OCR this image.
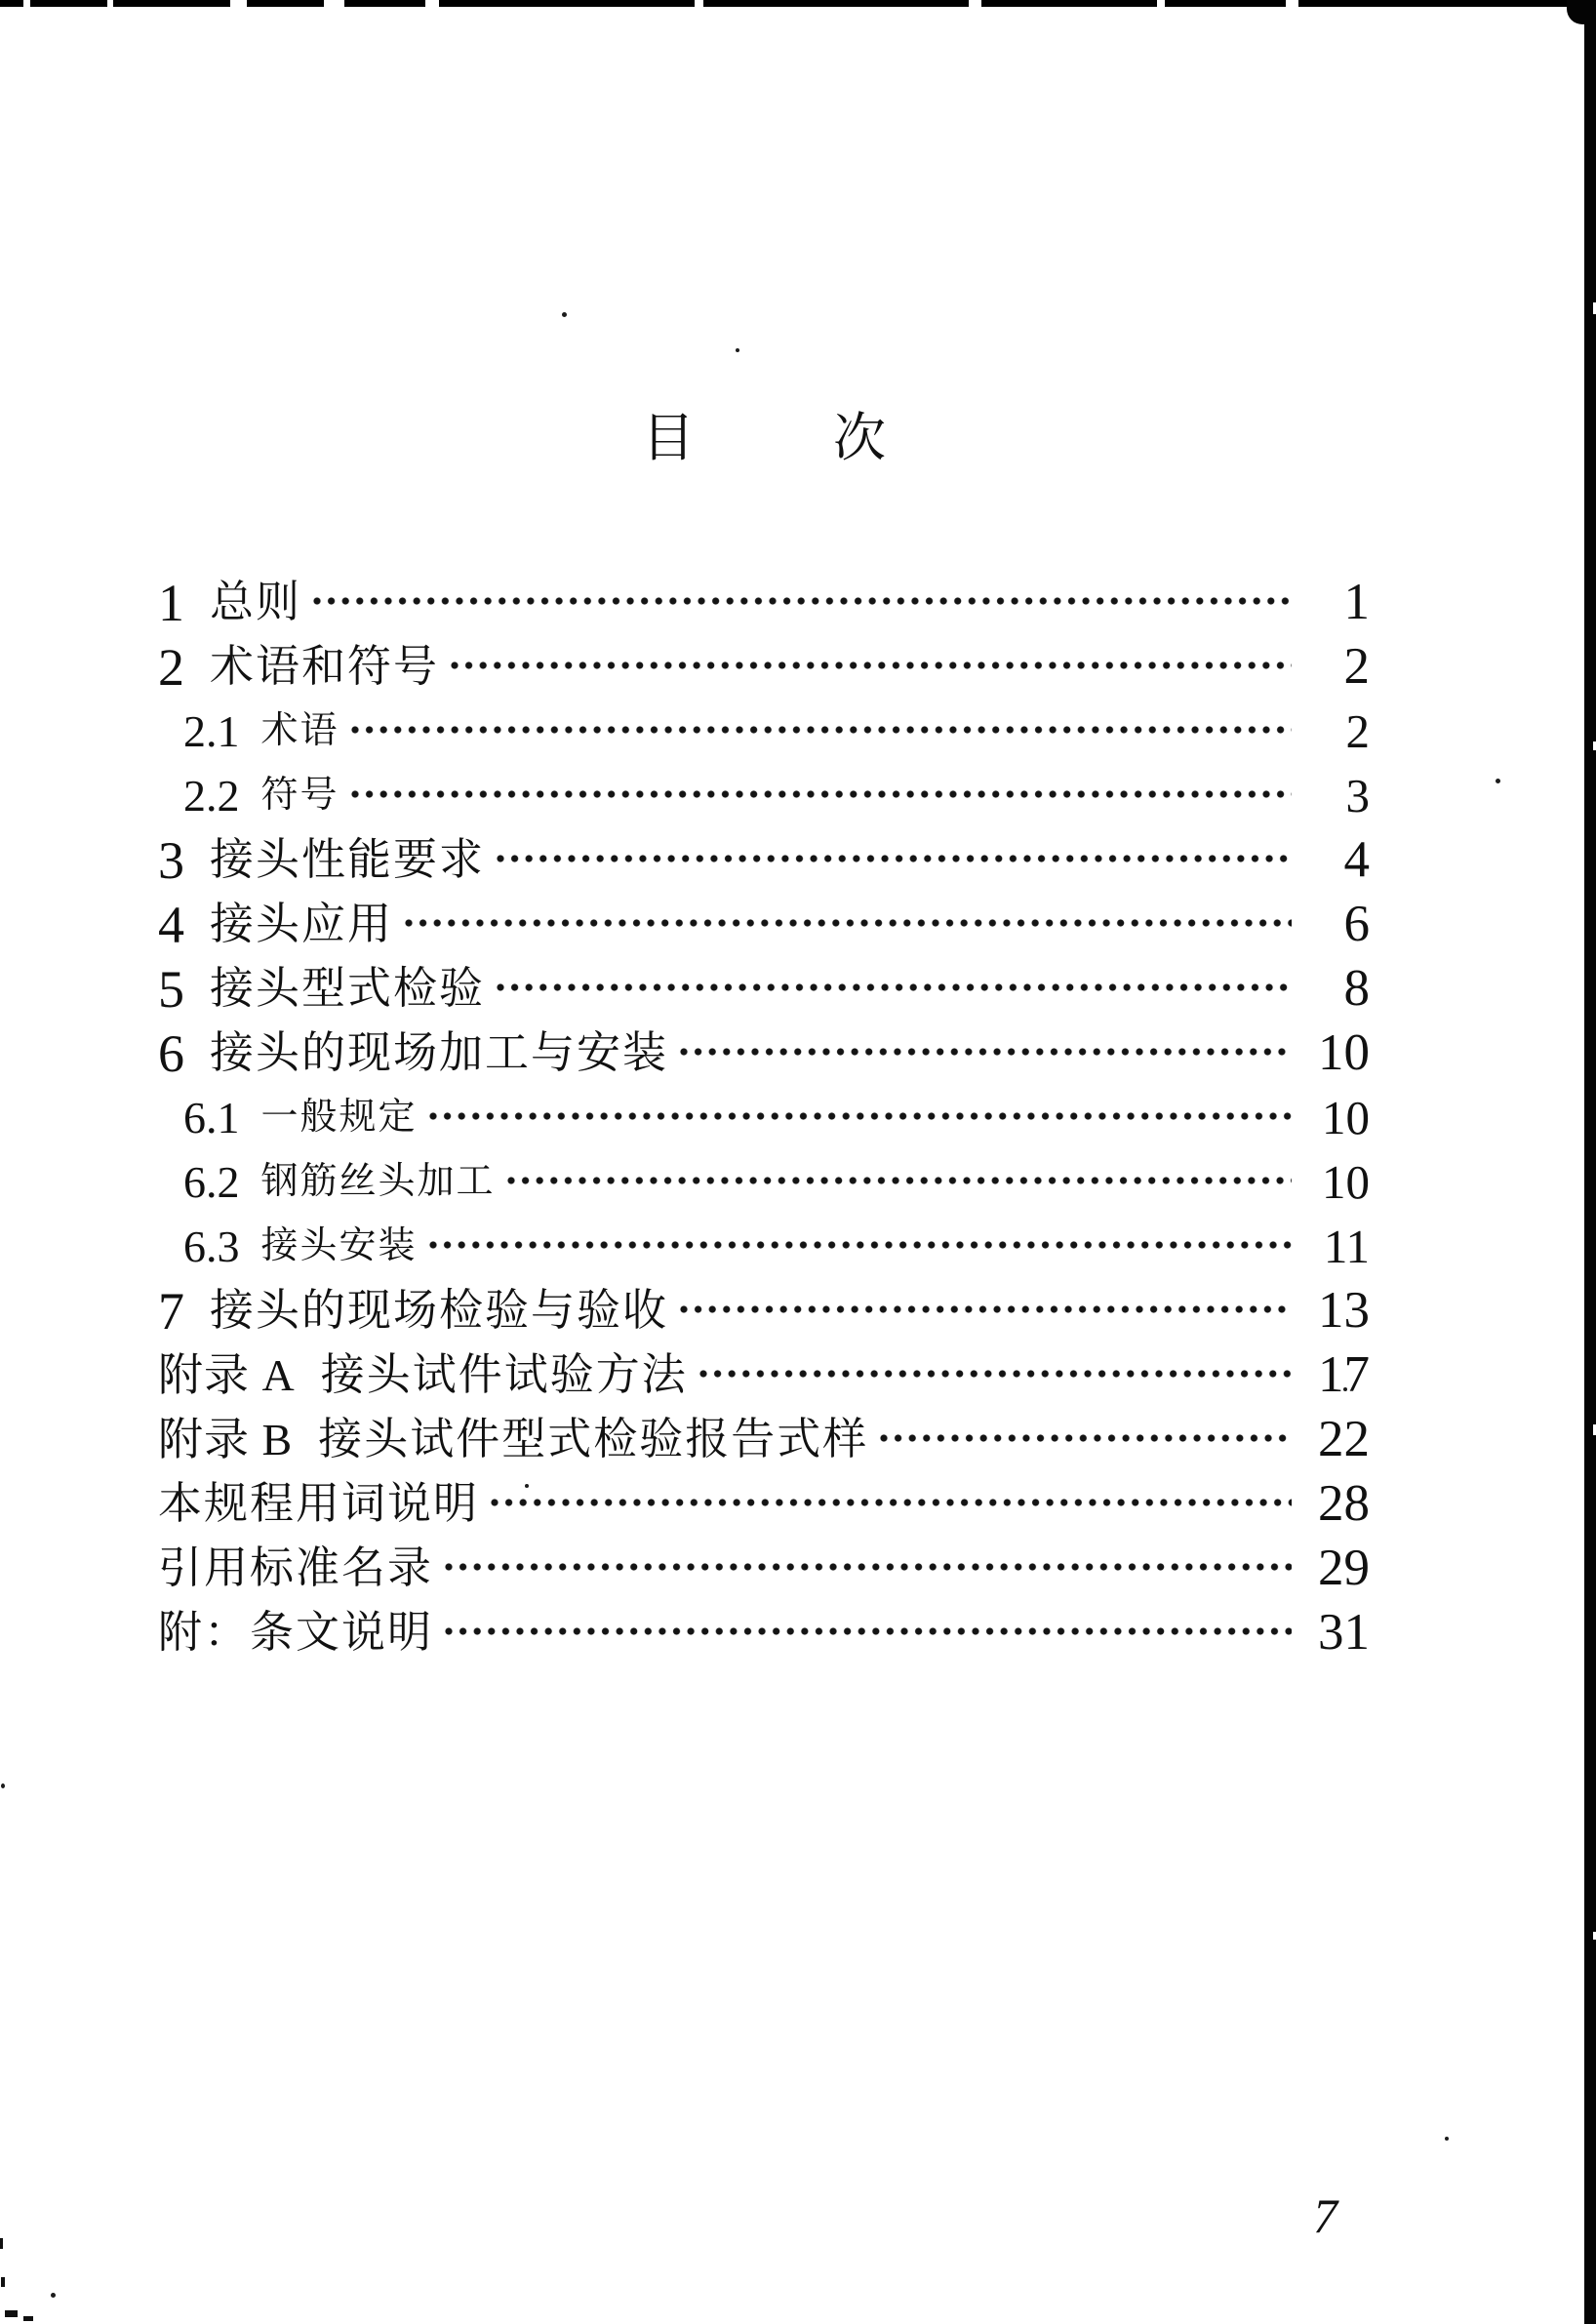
目	次
1 总则	1
2 术语和符号	2
2.1 术语	2
2.2 符号	3
3 接头性能要求	4
4 接头应用	6
5 接头型式检验	8
6 接头的现场加工与安装	10
6.1 一般规定	10
6.2 钢筋丝头加工	10
6.3 接头安装	11
7 接头的现场检验与验收	13
附录 A 接头试件试验方法	17
附录 B 接头试件型式检验报告式样	22
本规程用词说明	28
引用标准名录	29
附：条文说明	31
7
